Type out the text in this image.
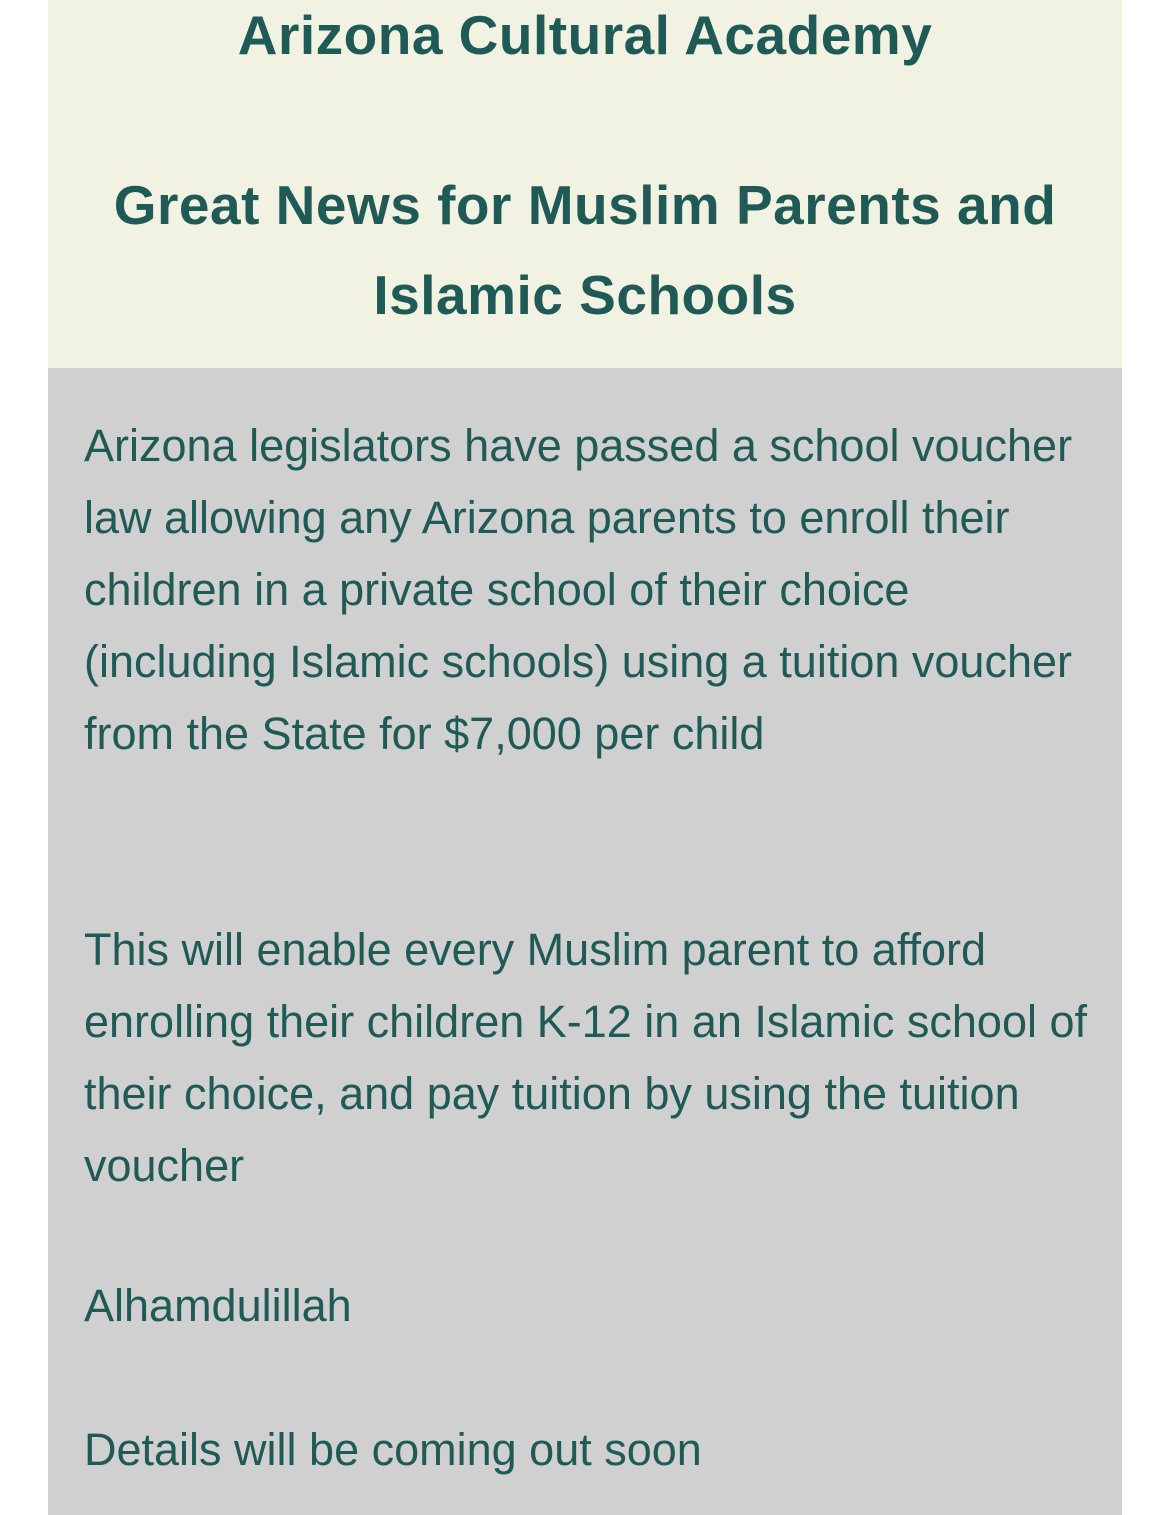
Arizona Cultural Academy
Great News for Muslim Parents and Islamic Schools

Arizona legislators have passed a school voucher law allowing any Arizona parents to enroll their children in a private school of their choice (including Islamic schools) using a tuition voucher from the State for $7,000 per child

This will enable every Muslim parent to afford enrolling their children K-12 in an Islamic school of their choice, and pay tuition by using the tuition voucher

Alhamdulillah

Details will be coming out soon
